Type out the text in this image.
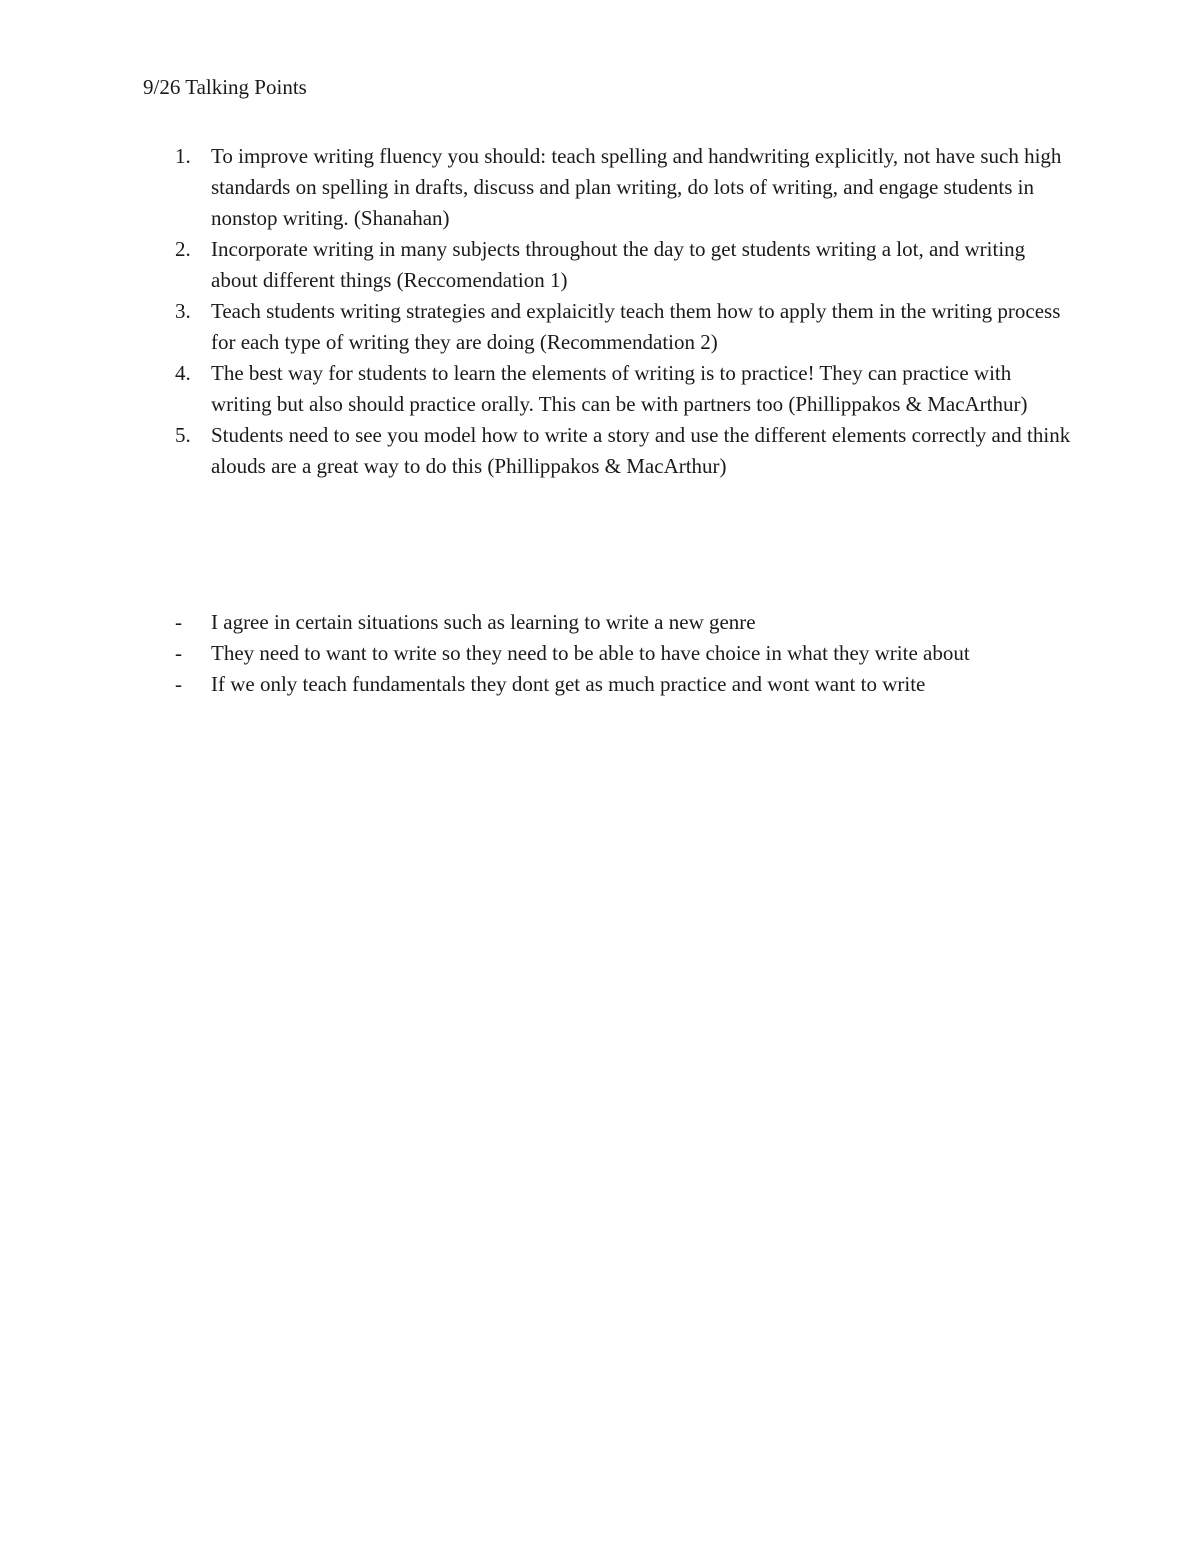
9/26 Talking Points
1. To improve writing fluency you should: teach spelling and handwriting explicitly, not have such high standards on spelling in drafts, discuss and plan writing, do lots of writing, and engage students in nonstop writing. (Shanahan)
2. Incorporate writing in many subjects throughout the day to get students writing a lot, and writing about different things (Reccomendation 1)
3. Teach students writing strategies and explaicitly teach them how to apply them in the writing process for each type of writing they are doing (Recommendation 2)
4. The best way for students to learn the elements of writing is to practice! They can practice with writing but also should practice orally. This can be with partners too (Phillippakos & MacArthur)
5. Students need to see you model how to write a story and use the different elements correctly and think alouds are a great way to do this (Phillippakos & MacArthur)
-	I agree in certain situations such as learning to write a new genre
-	They need to want to write so they need to be able to have choice in what they write about
-	If we only teach fundamentals they dont get as much practice and wont want to write
